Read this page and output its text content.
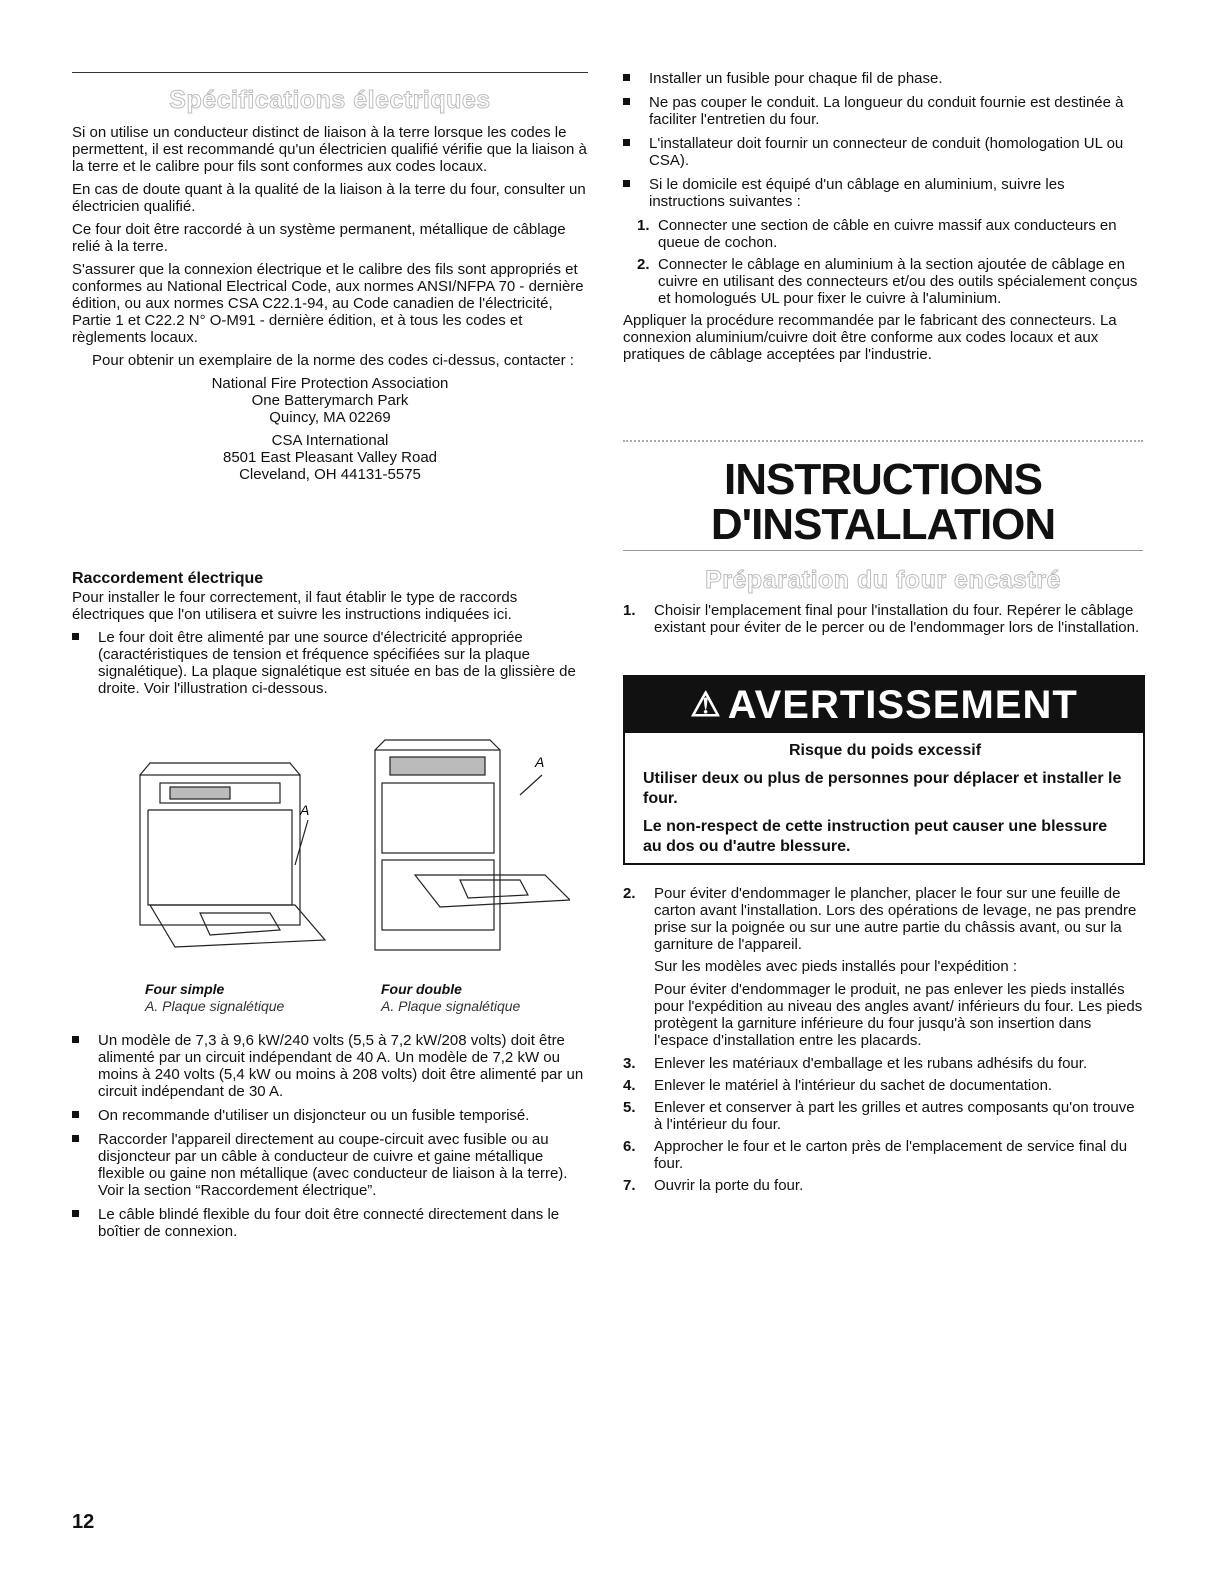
Spécifications électriques

Si on utilise un conducteur distinct de liaison à la terre lorsque les codes le permettent, il est recommandé qu'un électricien qualifié vérifie que la liaison à la terre et le calibre pour fils sont conformes aux codes locaux.

En cas de doute quant à la qualité de la liaison à la terre du four, consulter un électricien qualifié.

Ce four doit être raccordé à un système permanent, métallique de câblage relié à la terre.

S'assurer que la connexion électrique et le calibre des fils sont appropriés et conformes au National Electrical Code, aux normes ANSI/NFPA 70 - dernière édition, ou aux normes CSA C22.1-94, au Code canadien de l'électricité, Partie 1 et C22.2 N° O-M91 - dernière édition, et à tous les codes et règlements locaux.

Pour obtenir un exemplaire de la norme des codes ci-dessus, contacter :

National Fire Protection Association
One Batterymarch Park
Quincy, MA 02269
CSA International
8501 East Pleasant Valley Road
Cleveland, OH 44131-5575
Raccordement électrique

Pour installer le four correctement, il faut établir le type de raccords électriques que l'on utilisera et suivre les instructions indiquées ici.

Le four doit être alimenté par une source d'électricité appropriée (caractéristiques de tension et fréquence spécifiées sur la plaque signalétique). La plaque signalétique est située en bas de la glissière de droite. Voir l'illustration ci-dessous.
A
A
Four simple
A. Plaque signalétique
Four double
A. Plaque signalétique
Un modèle de 7,3 à 9,6 kW/240 volts (5,5 à 7,2 kW/208 volts) doit être alimenté par un circuit indépendant de 40 A. Un modèle de 7,2 kW ou moins à 240 volts (5,4 kW ou moins à 208 volts) doit être alimenté par un circuit indépendant de 30 A.
On recommande d'utiliser un disjoncteur ou un fusible temporisé.
Raccorder l'appareil directement au coupe-circuit avec fusible ou au disjoncteur par un câble à conducteur de cuivre et gaine métallique flexible ou gaine non métallique (avec conducteur de liaison à la terre). Voir la section “Raccordement électrique”.
Le câble blindé flexible du four doit être connecté directement dans le boîtier de connexion.
12
Installer un fusible pour chaque fil de phase.
Ne pas couper le conduit. La longueur du conduit fournie est destinée à faciliter l'entretien du four.
L'installateur doit fournir un connecteur de conduit (homologation UL ou CSA).
Si le domicile est équipé d'un câblage en aluminium, suivre les instructions suivantes :
1. Connecter une section de câble en cuivre massif aux conducteurs en queue de cochon.
2. Connecter le câblage en aluminium à la section ajoutée de câblage en cuivre en utilisant des connecteurs et/ou des outils spécialement conçus et homologués UL pour fixer le cuivre à l'aluminium.

Appliquer la procédure recommandée par le fabricant des connecteurs. La connexion aluminium/cuivre doit être conforme aux codes locaux et aux pratiques de câblage acceptées par l'industrie.

INSTRUCTIONS
D'INSTALLATION
Préparation du four encastré
1. Choisir l'emplacement final pour l'installation du four. Repérer le câblage existant pour éviter de le percer ou de l'endommager lors de l'installation.
⚠ AVERTISSEMENT

Risque du poids excessif

Utiliser deux ou plus de personnes pour déplacer et installer le four.

Le non-respect de cette instruction peut causer une blessure au dos ou d'autre blessure.

2. Pour éviter d'endommager le plancher, placer le four sur une feuille de carton avant l'installation. Lors des opérations de levage, ne pas prendre prise sur la poignée ou sur une autre partie du châssis avant, ou sur la garniture de l'appareil.

Sur les modèles avec pieds installés pour l'expédition :

Pour éviter d'endommager le produit, ne pas enlever les pieds installés pour l'expédition au niveau des angles avant/ inférieurs du four. Les pieds protègent la garniture inférieure du four jusqu'à son insertion dans l'espace d'installation entre les placards.

3. Enlever les matériaux d'emballage et les rubans adhésifs du four.
4. Enlever le matériel à l'intérieur du sachet de documentation.
5. Enlever et conserver à part les grilles et autres composants qu'on trouve à l'intérieur du four.
6. Approcher le four et le carton près de l'emplacement de service final du four.
7. Ouvrir la porte du four.
